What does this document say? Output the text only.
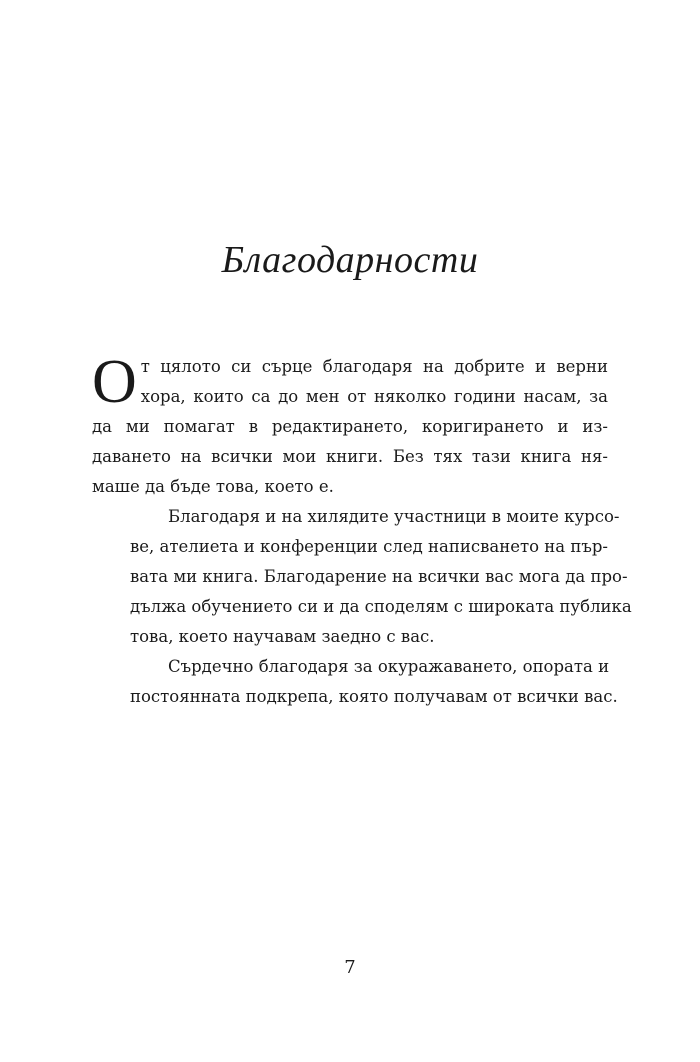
Благодарности

О т цялото си сърце благодаря на добрите и верни
хора, които са до мен от няколко години насам, за
да ми помагат в редактирането, коригирането и из-
даването на всички мои книги. Без тях тази книга ня-
маше да бъде това, което е.

Благодаря и на хилядите участници в моите курсо-
ве, ателиета и конференции след написването на пър-
вата ми книга. Благодарение на всички вас мога да про-
дължа обучението си и да споделям с широката публика
това, което научавам заедно с вас.

Сърдечно благодаря за окуражаването, опората и
постоянната подкрепа, която получавам от всички вас.

7
